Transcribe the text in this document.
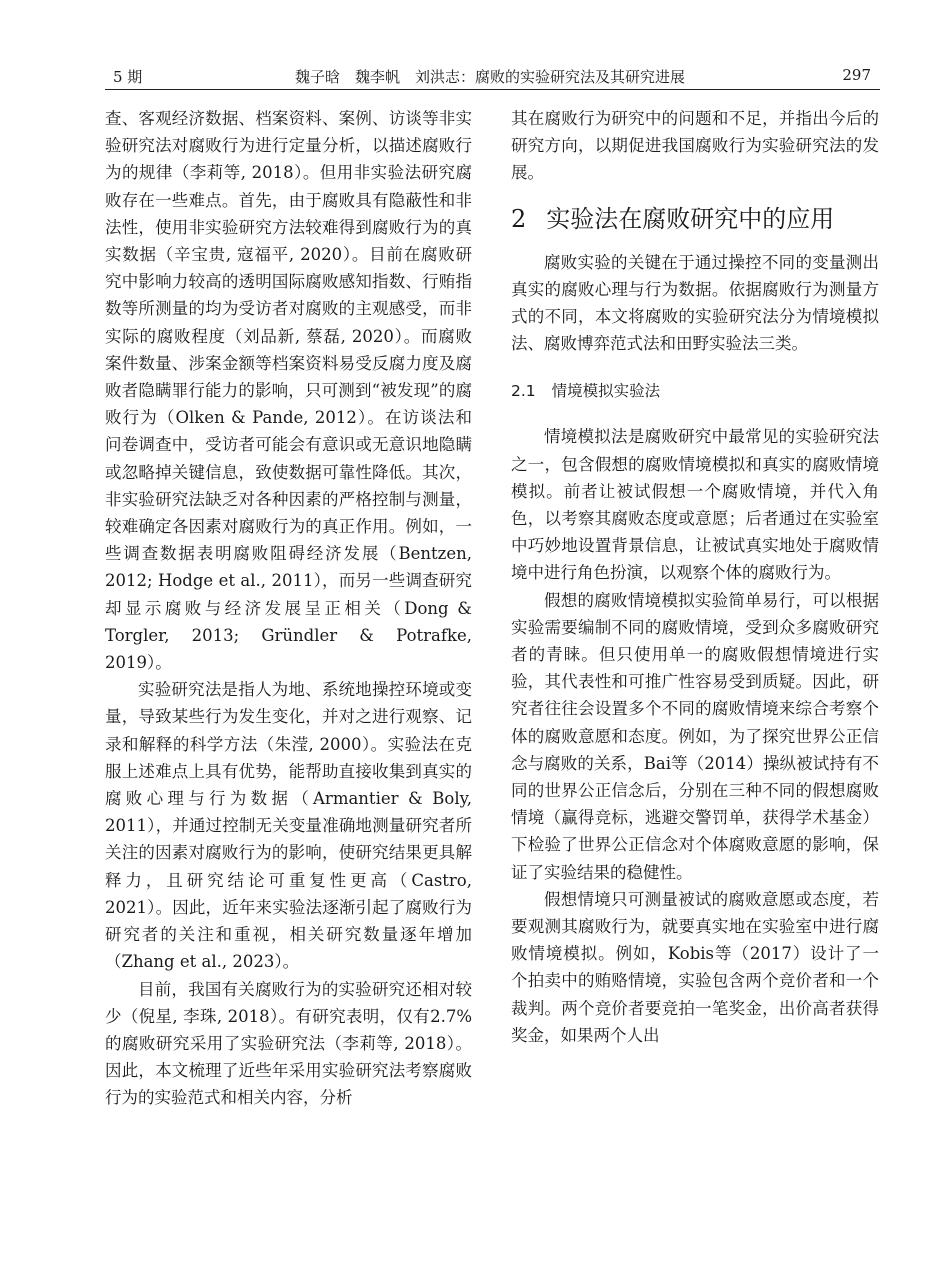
5 期	魏子晗　魏李帆　刘洪志：腐败的实验研究法及其研究进展	297

查、客观经济数据、档案资料、案例、访谈等非实验研究法对腐败行为进行定量分析，以描述腐败行为的规律（李莉等, 2018）。但用非实验法研究腐败存在一些难点。首先，由于腐败具有隐蔽性和非法性，使用非实验研究方法较难得到腐败行为的真实数据（辛宝贵, 寇福平, 2020）。目前在腐败研究中影响力较高的透明国际腐败感知指数、行贿指数等所测量的均为受访者对腐败的主观感受，而非实际的腐败程度（刘品新, 蔡磊, 2020）。而腐败案件数量、涉案金额等档案资料易受反腐力度及腐败者隐瞒罪行能力的影响，只可测到“被发现”的腐败行为（Olken & Pande, 2012）。在访谈法和问卷调查中，受访者可能会有意识或无意识地隐瞒或忽略掉关键信息，致使数据可靠性降低。其次，非实验研究法缺乏对各种因素的严格控制与测量，较难确定各因素对腐败行为的真正作用。例如，一些调查数据表明腐败阻碍经济发展（Bentzen, 2012; Hodge et al., 2011），而另一些调查研究却显示腐败与经济发展呈正相关（Dong & Torgler, 2013; Gründler & Potrafke, 2019）。

实验研究法是指人为地、系统地操控环境或变量，导致某些行为发生变化，并对之进行观察、记录和解释的科学方法（朱滢, 2000）。实验法在克服上述难点上具有优势，能帮助直接收集到真实的腐败心理与行为数据（Armantier & Boly, 2011），并通过控制无关变量准确地测量研究者所关注的因素对腐败行为的影响，使研究结果更具解释力，且研究结论可重复性更高（Castro, 2021）。因此，近年来实验法逐渐引起了腐败行为研究者的关注和重视，相关研究数量逐年增加（Zhang et al., 2023）。

目前，我国有关腐败行为的实验研究还相对较少（倪星, 李珠, 2018）。有研究表明，仅有2.7%的腐败研究采用了实验研究法（李莉等, 2018）。因此，本文梳理了近些年采用实验研究法考察腐败行为的实验范式和相关内容，分析

其在腐败行为研究中的问题和不足，并指出今后的研究方向，以期促进我国腐败行为实验研究法的发展。

2 实验法在腐败研究中的应用

腐败实验的关键在于通过操控不同的变量测出真实的腐败心理与行为数据。依据腐败行为测量方式的不同，本文将腐败的实验研究法分为情境模拟法、腐败博弈范式法和田野实验法三类。

2.1 情境模拟实验法

情境模拟法是腐败研究中最常见的实验研究法之一，包含假想的腐败情境模拟和真实的腐败情境模拟。前者让被试假想一个腐败情境，并代入角色，以考察其腐败态度或意愿；后者通过在实验室中巧妙地设置背景信息，让被试真实地处于腐败情境中进行角色扮演，以观察个体的腐败行为。

假想的腐败情境模拟实验简单易行，可以根据实验需要编制不同的腐败情境，受到众多腐败研究者的青睐。但只使用单一的腐败假想情境进行实验，其代表性和可推广性容易受到质疑。因此，研究者往往会设置多个不同的腐败情境来综合考察个体的腐败意愿和态度。例如，为了探究世界公正信念与腐败的关系，Bai等（2014）操纵被试持有不同的世界公正信念后，分别在三种不同的假想腐败情境（赢得竞标，逃避交警罚单，获得学术基金）下检验了世界公正信念对个体腐败意愿的影响，保证了实验结果的稳健性。

假想情境只可测量被试的腐败意愿或态度，若要观测其腐败行为，就要真实地在实验室中进行腐败情境模拟。例如，Kobis等（2017）设计了一个拍卖中的贿赂情境，实验包含两个竞价者和一个裁判。两个竞价者要竞拍一笔奖金，出价高者获得奖金，如果两个人出
